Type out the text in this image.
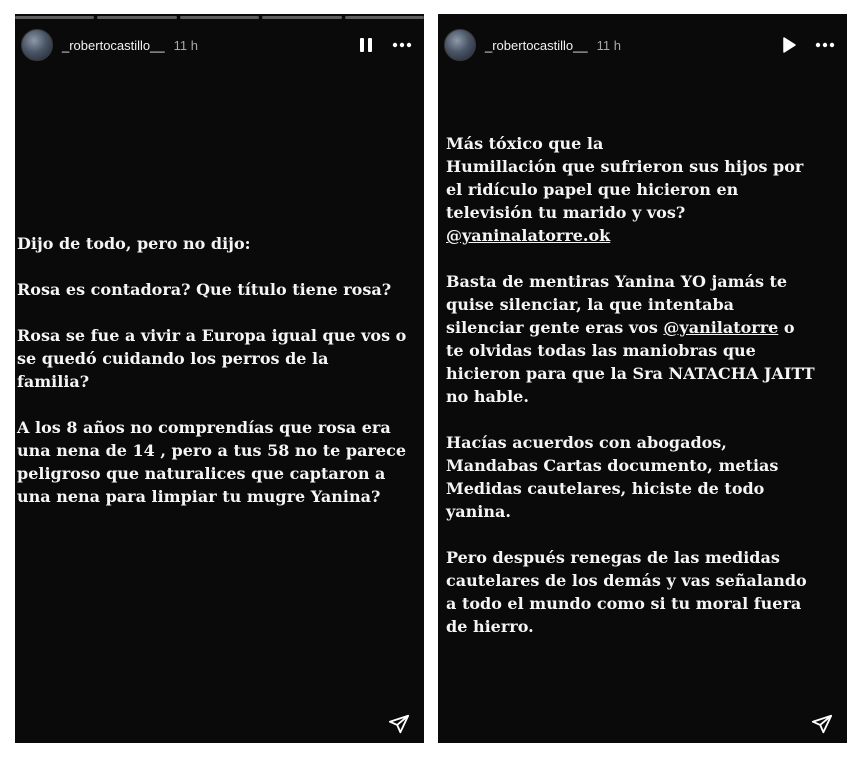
_robertocastillo__ 11 h

Dijo de todo, pero no dijo:

Rosa es contadora? Que título tiene rosa?

Rosa se fue a vivir a Europa igual que vos o
se quedó cuidando los perros de la
familia?

A los 8 años no comprendías que rosa era
una nena de 14 , pero a tus 58 no te parece
peligroso que naturalices que captaron a
una nena para limpiar tu mugre Yanina?

_robertocastillo__ 11 h

Más tóxico que la
Humillación que sufrieron sus hijos por
el ridículo papel que hicieron en
televisión tu marido y vos?
@yaninalatorre.ok

Basta de mentiras Yanina YO jamás te
quise silenciar, la que intentaba
silenciar gente eras vos @yanilatorre o
te olvidas todas las maniobras que
hicieron para que la Sra NATACHA JAITT
no hable.

Hacías acuerdos con abogados,
Mandabas Cartas documento, metias
Medidas cautelares, hiciste de todo
yanina.

Pero después renegas de las medidas
cautelares de los demás y vas señalando
a todo el mundo como si tu moral fuera
de hierro.
